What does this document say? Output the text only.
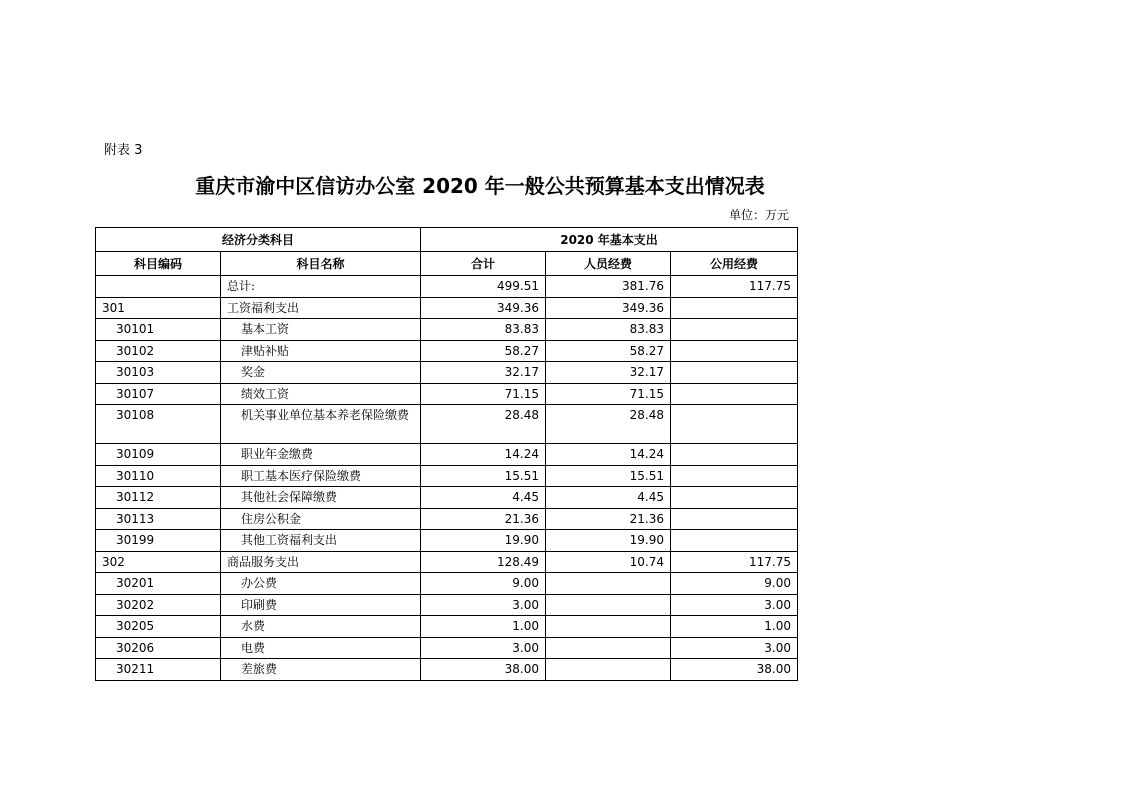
附表 3
重庆市渝中区信访办公室 2020 年一般公共预算基本支出情况表
单位：万元
经济分类科目		2020 年基本支出		
科目编码	科目名称	合计	人员经费	公用经费
	总计:	499.51	381.76	117.75
301	工资福利支出	349.36	349.36	
30101	基本工资	83.83	83.83	
30102	津贴补贴	58.27	58.27	
30103	奖金	32.17	32.17	
30107	绩效工资	71.15	71.15	
30108	机关事业单位基本养老保险缴费	28.48	28.48	
30109	职业年金缴费	14.24	14.24	
30110	职工基本医疗保险缴费	15.51	15.51	
30112	其他社会保障缴费	4.45	4.45	
30113	住房公积金	21.36	21.36	
30199	其他工资福利支出	19.90	19.90	
302	商品服务支出	128.49	10.74	117.75
30201	办公费	9.00		9.00
30202	印刷费	3.00		3.00
30205	水费	1.00		1.00
30206	电费	3.00		3.00
30211	差旅费	38.00		38.00
